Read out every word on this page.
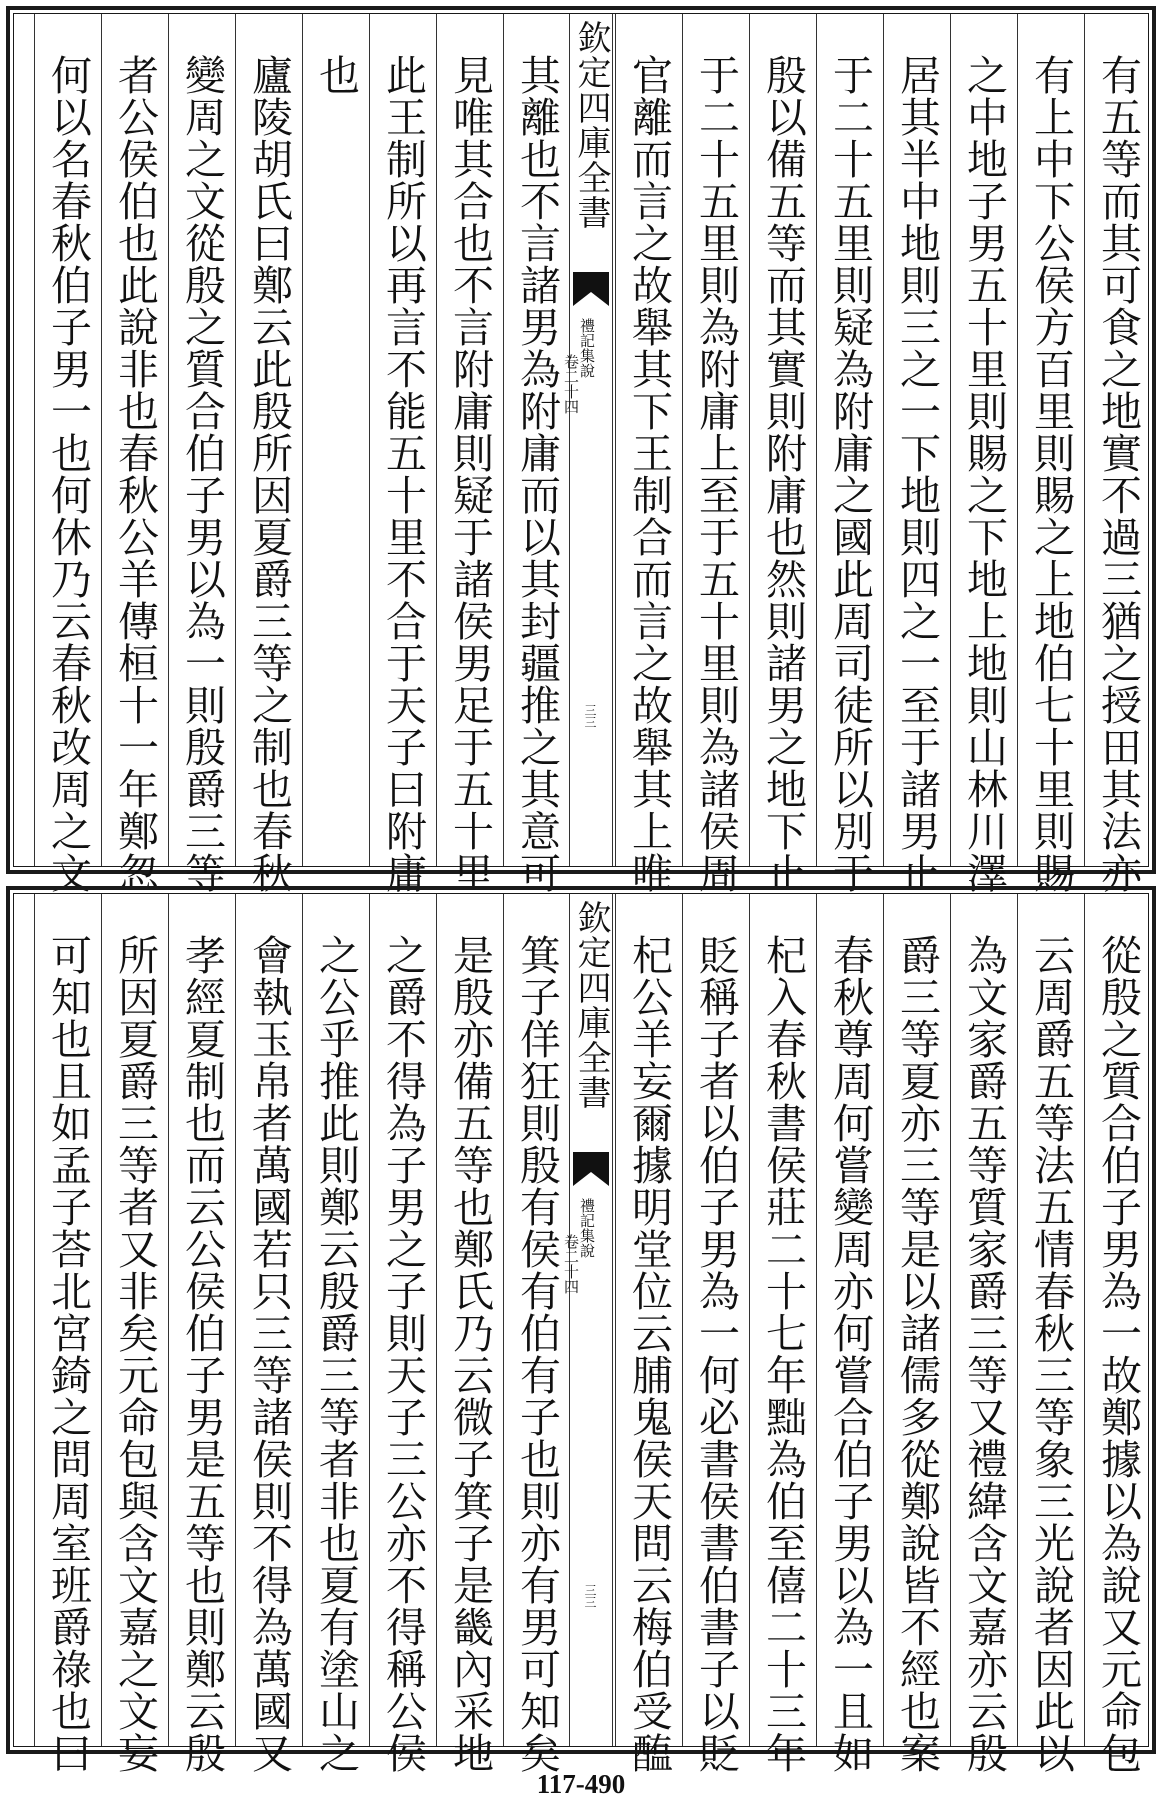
欽定四庫全書
禮記集說
卷二十四
三三	有五等而其可食之地實不過三猶之授田其法亦
有上中下公侯方百里則賜之上地伯七十里則賜
之中地子男五十里則賜之下地上地則山林川澤
居其半中地則三之一下地則四之一至于諸男止
于二十五里則疑為附庸之國此周司徒所以別于
殷以備五等而其實則附庸也然則諸男之地下止
于二十五里則為附庸上至于五十里則為諸侯周
官離而言之故舉其下王制合而言之故舉其上唯
其離也不言諸男為附庸而以其封疆推之其意可
見唯其合也不言附庸則疑于諸侯男足于五十里
此王制所以再言不能五十里不合于天子曰附庸
也
廬陵胡氏曰鄭云此殷所因夏爵三等之制也春秋
變周之文從殷之質合伯子男以為一則殷爵三等
者公侯伯也此說非也春秋公羊傳桓十一年鄭忽
何以名春秋伯子男一也何休乃云春秋改周之文
欽定四庫全書
禮記集說
卷二十四
三三	從殷之質合伯子男為一故鄭據以為說又元命包
云周爵五等法五情春秋三等象三光說者因此以
為文家爵五等質家爵三等又禮緯含文嘉亦云殷
爵三等夏亦三等是以諸儒多從鄭說皆不經也案
春秋尊周何嘗變周亦何嘗合伯子男以為一且如
杞入春秋書侯莊二十七年黜為伯至僖二十三年
貶稱子者以伯子男為一何必書侯書伯書子以貶
杞公羊妄爾據明堂位云脯鬼侯天問云梅伯受醢
箕子佯狂則殷有侯有伯有子也則亦有男可知矣
是殷亦備五等也鄭氏乃云微子箕子是畿內采地
之爵不得為子男之子則天子三公亦不得稱公侯
之公乎推此則鄭云殷爵三等者非也夏有塗山之
會執玉帛者萬國若只三等諸侯則不得為萬國又
孝經夏制也而云公侯伯子男是五等也則鄭云殷
所因夏爵三等者又非矣元命包與含文嘉之文妄
可知也且如孟子荅北宮錡之問周室班爵祿也曰
117-490
